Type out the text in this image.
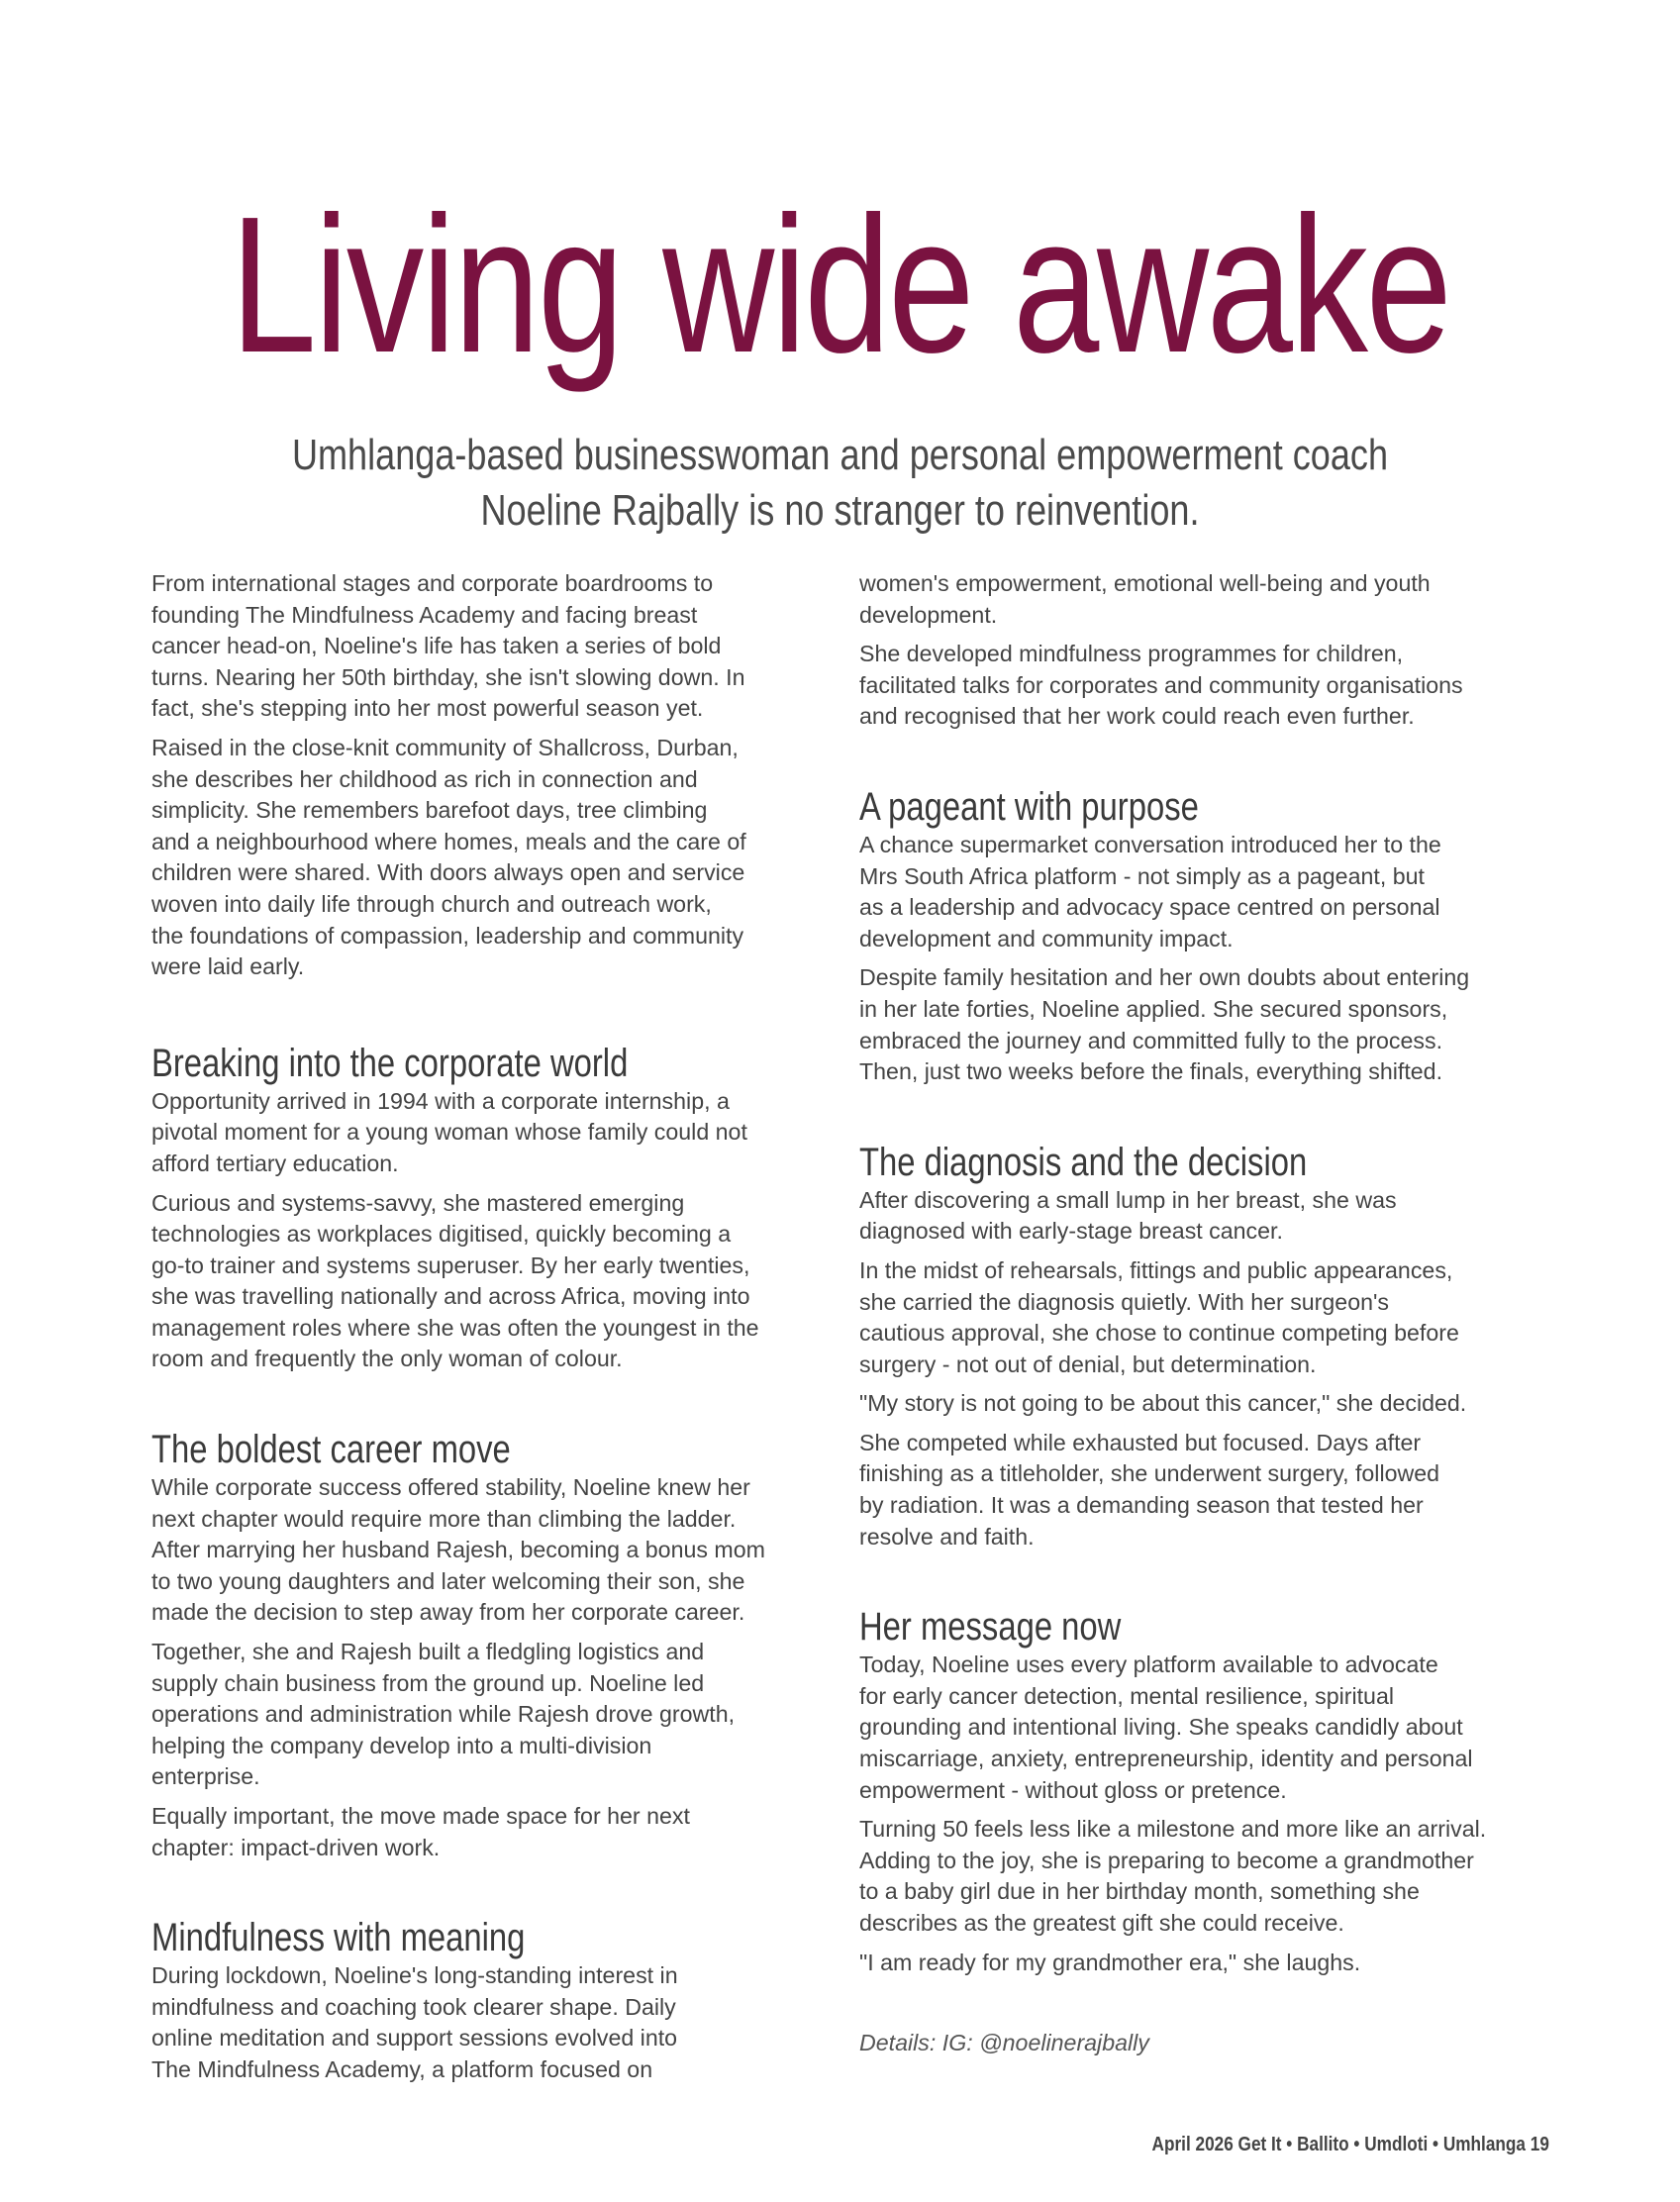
Living wide awake
Umhlanga-based businesswoman and personal empowerment coach
Noeline Rajbally is no stranger to reinvention.

From international stages and corporate boardrooms to
founding The Mindfulness Academy and facing breast
cancer head-on, Noeline's life has taken a series of bold
turns. Nearing her 50th birthday, she isn't slowing down. In
fact, she's stepping into her most powerful season yet.

Raised in the close-knit community of Shallcross, Durban,
she describes her childhood as rich in connection and
simplicity. She remembers barefoot days, tree climbing
and a neighbourhood where homes, meals and the care of
children were shared. With doors always open and service
woven into daily life through church and outreach work,
the foundations of compassion, leadership and community
were laid early.

Breaking into the corporate world

Opportunity arrived in 1994 with a corporate internship, a
pivotal moment for a young woman whose family could not
afford tertiary education.

Curious and systems-savvy, she mastered emerging
technologies as workplaces digitised, quickly becoming a
go-to trainer and systems superuser. By her early twenties,
she was travelling nationally and across Africa, moving into
management roles where she was often the youngest in the
room and frequently the only woman of colour.

The boldest career move

While corporate success offered stability, Noeline knew her
next chapter would require more than climbing the ladder.
After marrying her husband Rajesh, becoming a bonus mom
to two young daughters and later welcoming their son, she
made the decision to step away from her corporate career.

Together, she and Rajesh built a fledgling logistics and
supply chain business from the ground up. Noeline led
operations and administration while Rajesh drove growth,
helping the company develop into a multi-division
enterprise.

Equally important, the move made space for her next
chapter: impact-driven work.

Mindfulness with meaning

During lockdown, Noeline's long-standing interest in
mindfulness and coaching took clearer shape. Daily
online meditation and support sessions evolved into
The Mindfulness Academy, a platform focused on

women's empowerment, emotional well-being and youth
development.

She developed mindfulness programmes for children,
facilitated talks for corporates and community organisations
and recognised that her work could reach even further.

A pageant with purpose

A chance supermarket conversation introduced her to the
Mrs South Africa platform - not simply as a pageant, but
as a leadership and advocacy space centred on personal
development and community impact.

Despite family hesitation and her own doubts about entering
in her late forties, Noeline applied. She secured sponsors,
embraced the journey and committed fully to the process.
Then, just two weeks before the finals, everything shifted.

The diagnosis and the decision

After discovering a small lump in her breast, she was
diagnosed with early-stage breast cancer.

In the midst of rehearsals, fittings and public appearances,
she carried the diagnosis quietly. With her surgeon's
cautious approval, she chose to continue competing before
surgery - not out of denial, but determination.

"My story is not going to be about this cancer," she decided.

She competed while exhausted but focused. Days after
finishing as a titleholder, she underwent surgery, followed
by radiation. It was a demanding season that tested her
resolve and faith.

Her message now

Today, Noeline uses every platform available to advocate
for early cancer detection, mental resilience, spiritual
grounding and intentional living. She speaks candidly about
miscarriage, anxiety, entrepreneurship, identity and personal
empowerment - without gloss or pretence.

Turning 50 feels less like a milestone and more like an arrival.
Adding to the joy, she is preparing to become a grandmother
to a baby girl due in her birthday month, something she
describes as the greatest gift she could receive.

"I am ready for my grandmother era," she laughs.

Details: IG: @noelinerajbally

April 2026 Get It • Ballito • Umdloti • Umhlanga 19
